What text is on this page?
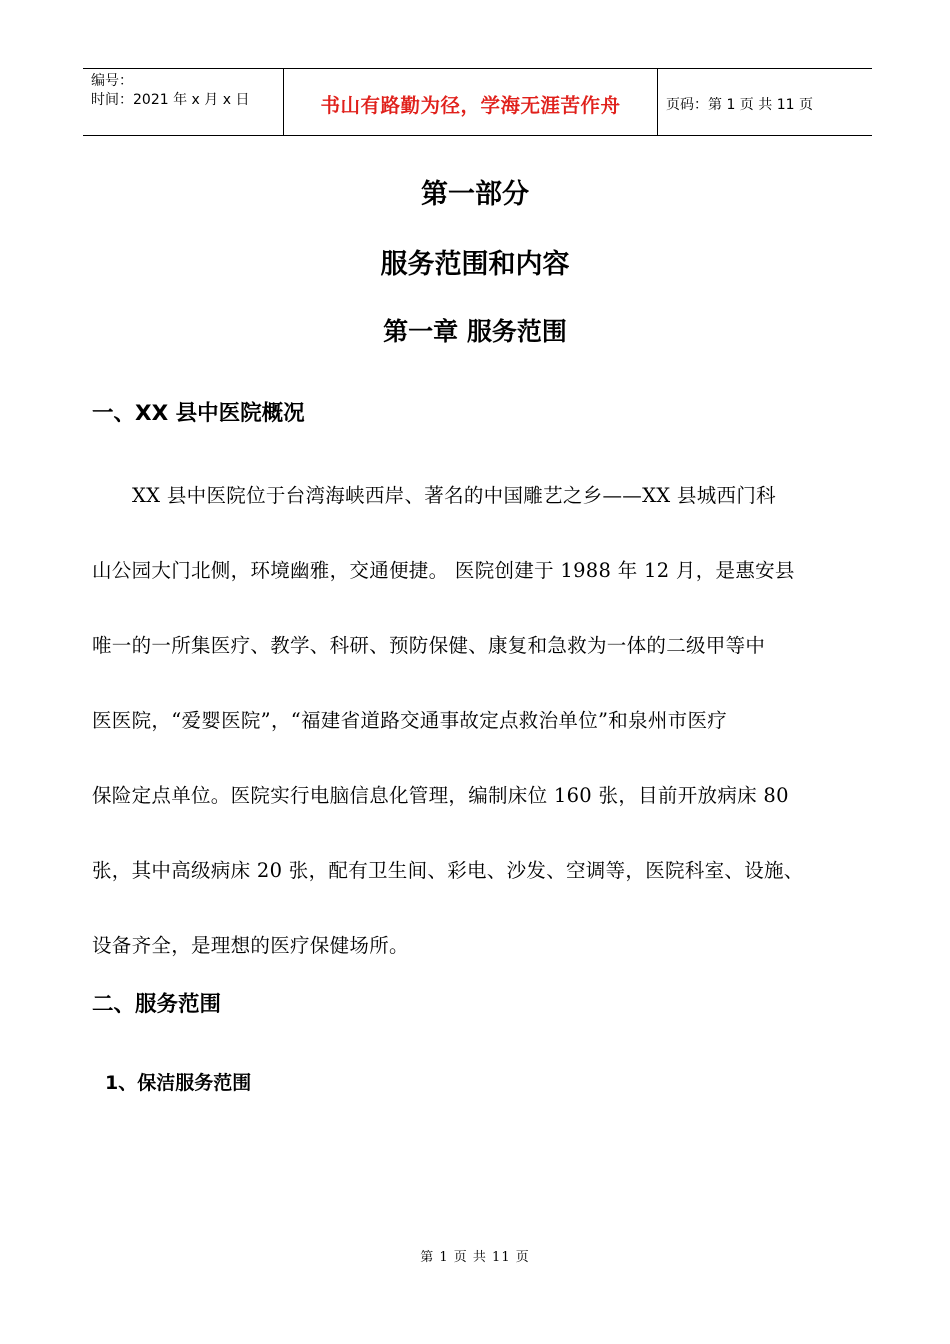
编号：
时间：2021 年 x 月 x 日	书山有路勤为径，学海无涯苦作舟	页码：第 1 页 共 11 页
第一部分
服务范围和内容
第一章 服务范围
一、XX 县中医院概况
XX 县中医院位于台湾海峡西岸、著名的中国雕艺之乡——XX 县城西门科
山公园大门北侧，环境幽雅，交通便捷。 医院创建于 1988 年 12 月，是惠安县
唯一的一所集医疗、教学、科研、预防保健、康复和急救为一体的二级甲等中
医医院，“爱婴医院”，“福建省道路交通事故定点救治单位”和泉州市医疗
保险定点单位。医院实行电脑信息化管理，编制床位 160 张，目前开放病床 80
张，其中高级病床 20 张，配有卫生间、彩电、沙发、空调等，医院科室、设施、
设备齐全，是理想的医疗保健场所。
二、服务范围
1、保洁服务范围
第 1 页 共 11 页
